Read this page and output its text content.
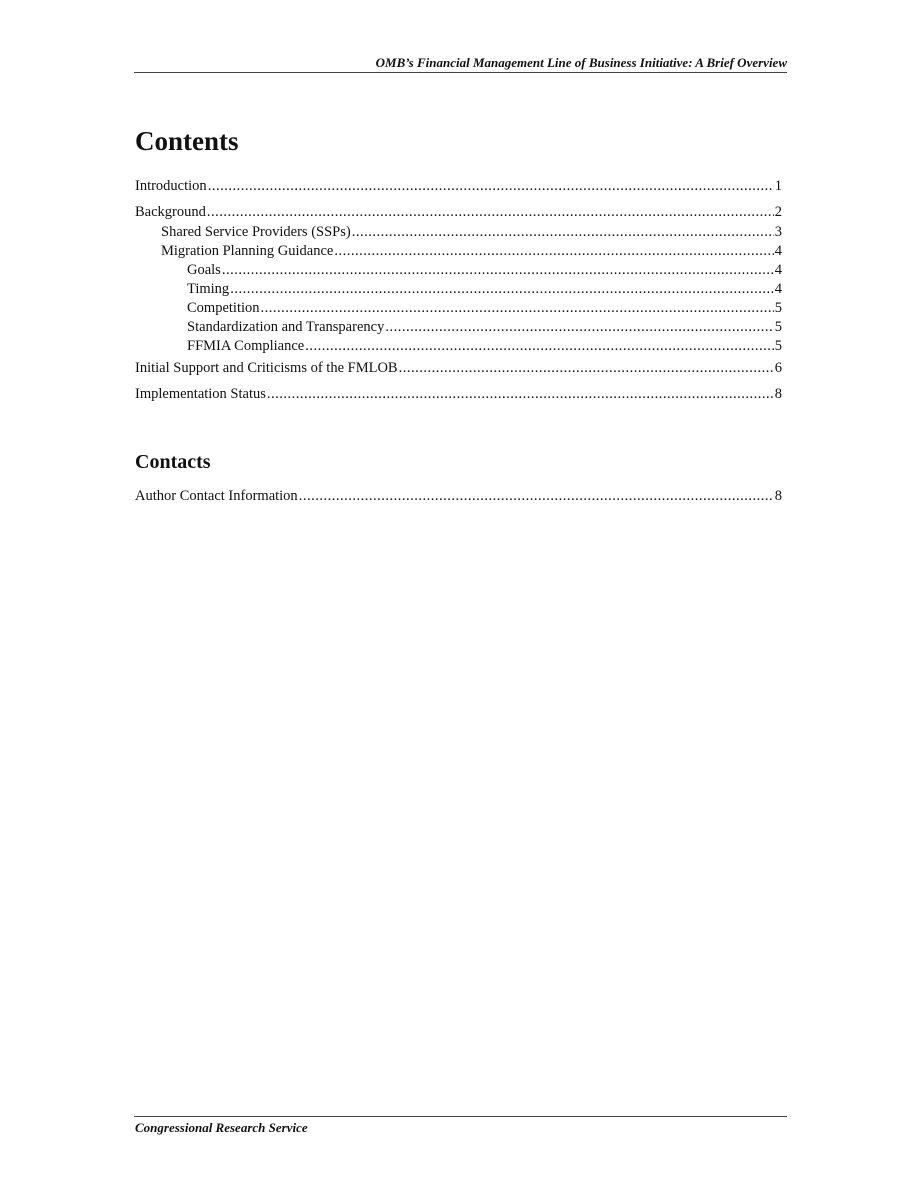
OMB’s Financial Management Line of Business Initiative: A Brief Overview
Contents
Introduction .....	1
Background .....	2
Shared Service Providers (SSPs) .....	3
Migration Planning Guidance .....	4
Goals .....	4
Timing .....	4
Competition .....	5
Standardization and Transparency .....	5
FFMIA Compliance .....	5
Initial Support and Criticisms of the FMLOB .....	6
Implementation Status .....	8
Contacts
Author Contact Information .....	8
Congressional Research Service
